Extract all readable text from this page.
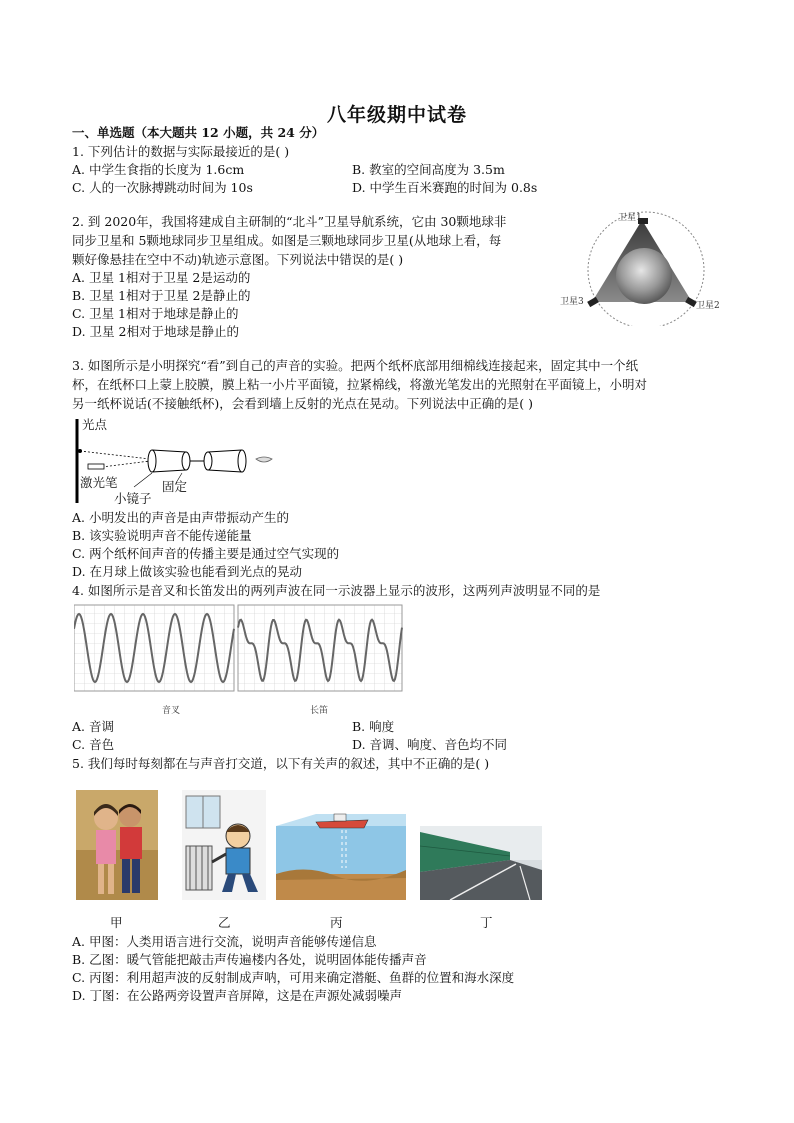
八年级期中试卷
一、单选题（本大题共 12 小题，共 24 分）
1. 下列估计的数据与实际最接近的是( )
A. 中学生食指的长度为 1.6cm	B. 教室的空间高度为 3.5m
C. 人的一次脉搏跳动时间为 10s	D. 中学生百米赛跑的时间为 0.8s
2. 到 2020年，我国将建成自主研制的“北斗”卫星导航系统，它由 30颗地球非
同步卫星和 5颗地球同步卫星组成。如图是三颗地球同步卫星(从地球上看，每
颗好像悬挂在空中不动)轨迹示意图。下列说法中错误的是( )
A. 卫星 1相对于卫星 2是运动的
B. 卫星 1相对于卫星 2是静止的
C. 卫星 1相对于地球是静止的
D. 卫星 2相对于地球是静止的
卫星1
卫星3	卫星2
3. 如图所示是小明探究“看”到自己的声音的实验。把两个纸杯底部用细棉线连接起来，固定其中一个纸
杯，在纸杯口上蒙上胶膜，膜上粘一小片平面镜，拉紧棉线，将激光笔发出的光照射在平面镜上，小明对
另一纸杯说话(不接触纸杯)，会看到墙上反射的光点在晃动。下列说法中正确的是( )
光点
激光笔	固定
小镜子
A. 小明发出的声音是由声带振动产生的
B. 该实验说明声音不能传递能量
C. 两个纸杯间声音的传播主要是通过空气实现的
D. 在月球上做该实验也能看到光点的晃动
4. 如图所示是音叉和长笛发出的两列声波在同一示波器上显示的波形，这两列声波明显不同的是
音叉	长笛
A. 音调	B. 响度
C. 音色	D. 音调、响度、音色均不同
5. 我们每时每刻都在与声音打交道，以下有关声的叙述，其中不正确的是( )
甲	乙	丙	丁
A. 甲图：人类用语言进行交流，说明声音能够传递信息
B. 乙图：暖气管能把敲击声传遍楼内各处，说明固体能传播声音
C. 丙图：利用超声波的反射制成声呐，可用来确定潜艇、鱼群的位置和海水深度
D. 丁图：在公路两旁设置声音屏障，这是在声源处减弱噪声
